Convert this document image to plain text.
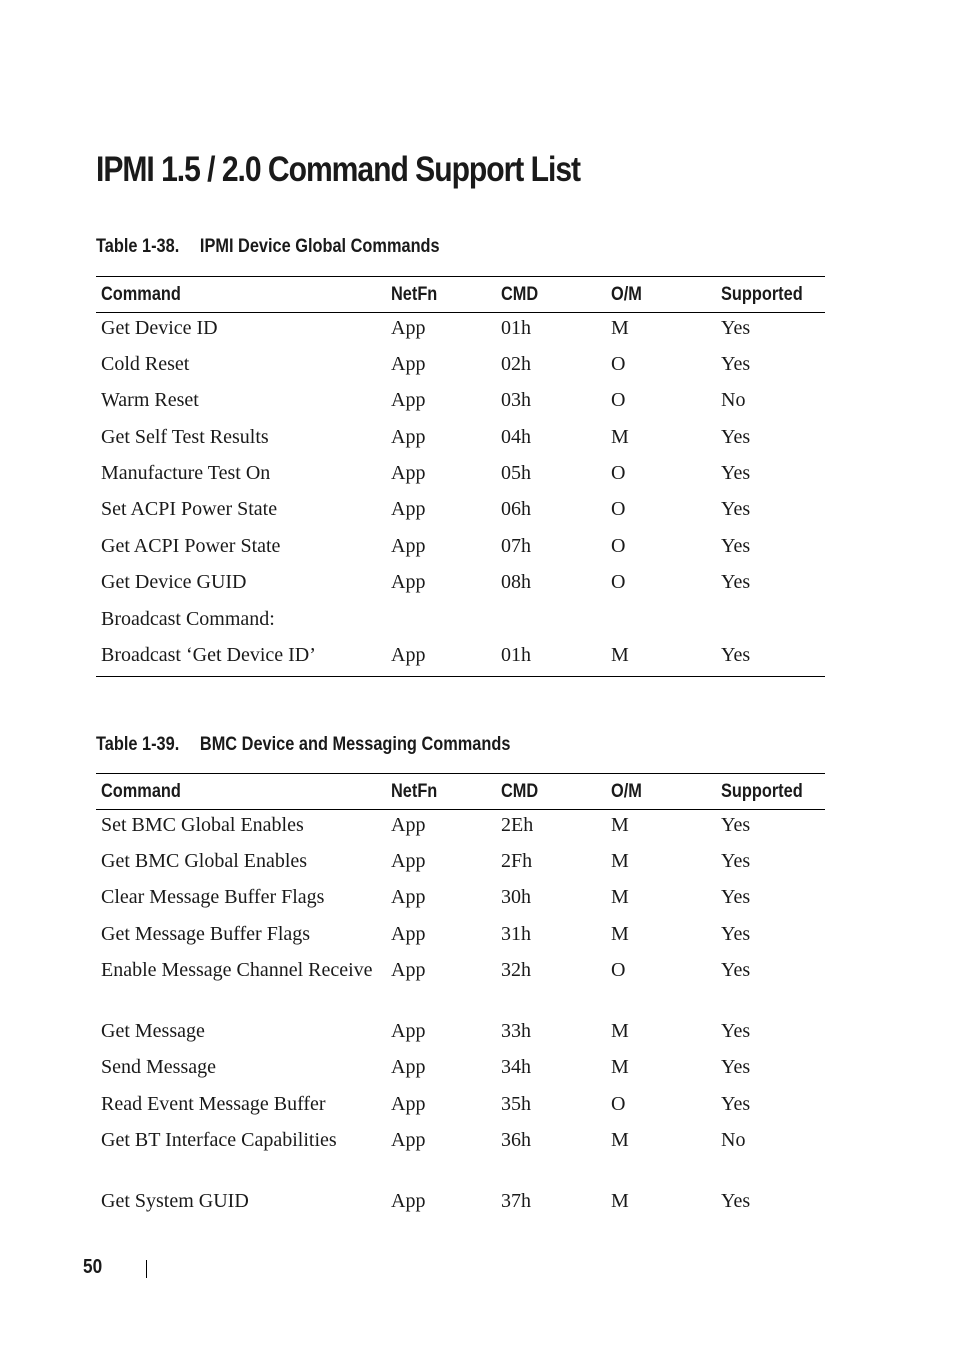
IPMI 1.5 / 2.0 Command Support List

Table 1-38. IPMI Device Global Commands

Command	NetFn	CMD	O/M	Supported
Get Device ID	App	01h	M	Yes
Cold Reset	App	02h	O	Yes
Warm Reset	App	03h	O	No
Get Self Test Results	App	04h	M	Yes
Manufacture Test On	App	05h	O	Yes
Set ACPI Power State	App	06h	O	Yes
Get ACPI Power State	App	07h	O	Yes
Get Device GUID	App	08h	O	Yes
Broadcast Command:				
Broadcast ‘Get Device ID’	App	01h	M	Yes

Table 1-39. BMC Device and Messaging Commands

Command	NetFn	CMD	O/M	Supported
Set BMC Global Enables	App	2Eh	M	Yes
Get BMC Global Enables	App	2Fh	M	Yes
Clear Message Buffer Flags	App	30h	M	Yes
Get Message Buffer Flags	App	31h	M	Yes
Enable Message Channel Receive	App	32h	O	Yes
Get Message	App	33h	M	Yes
Send Message	App	34h	M	Yes
Read Event Message Buffer	App	35h	O	Yes
Get BT Interface Capabilities	App	36h	M	No
Get System GUID	App	37h	M	Yes
50
